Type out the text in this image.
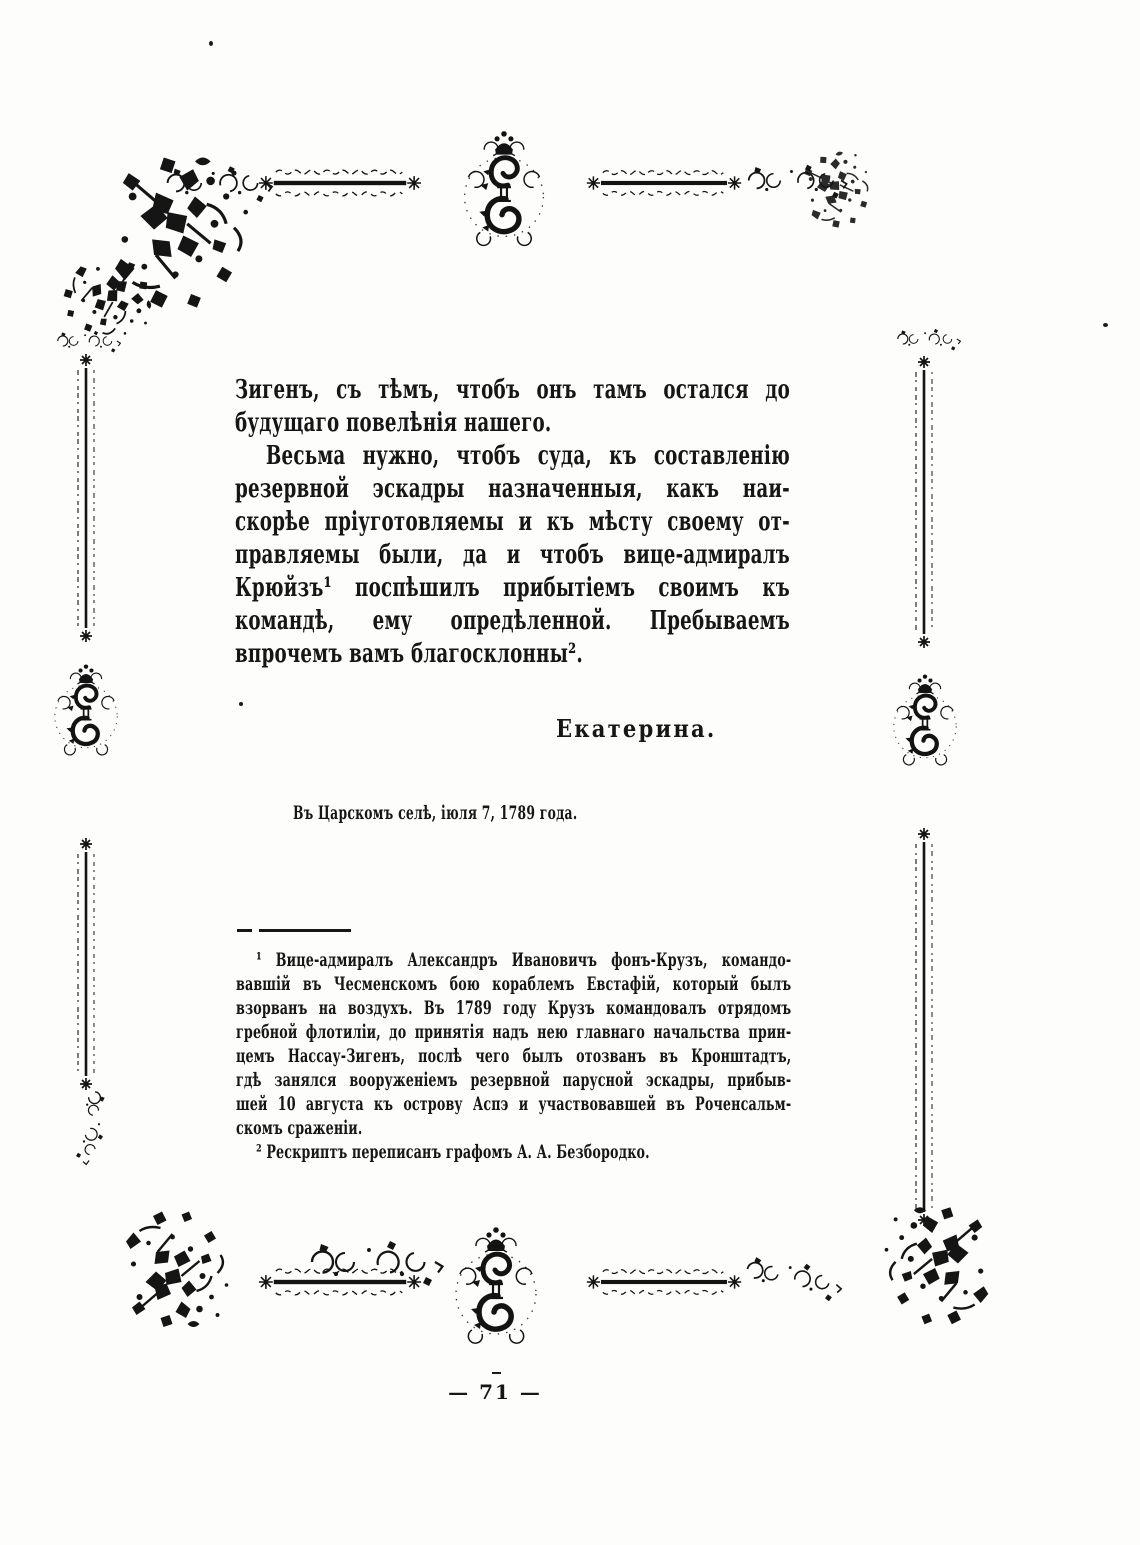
Зигенъ, съ тѣмъ, чтобъ онъ тамъ остался до
будущаго повелѣнія нашего.
Весьма нужно, чтобъ суда, къ составленію
резервной эскадры назначенныя, какъ наи-
скорѣе пріуготовляемы и къ мѣсту своему от-
правляемы были, да и чтобъ вице-адмиралъ
Крюйзъ¹ поспѣшилъ прибытіемъ своимъ къ
командѣ, ему опредѣленной. Пребываемъ
впрочемъ вамъ благосклонны².
Екатерина.
Въ Царскомъ селѣ, іюля 7, 1789 года.
¹ Вице-адмиралъ Александръ Ивановичъ фонъ-Крузъ, командо-
вавшій въ Чесменскомъ бою кораблемъ Евстафій, который былъ
взорванъ на воздухъ. Въ 1789 году Крузъ командовалъ отрядомъ
гребной флотиліи, до принятія надъ нею главнаго начальства прин-
цемъ Нассау-Зигенъ, послѣ чего былъ отозванъ въ Кронштадтъ,
гдѣ занялся вооруженіемъ резервной парусной эскадры, прибыв-
шей 10 августа къ острову Аспэ и участвовавшей въ Роченсальм-
скомъ сраженіи.
² Рескриптъ переписанъ графомъ А. А. Безбородко.
— 71 —
